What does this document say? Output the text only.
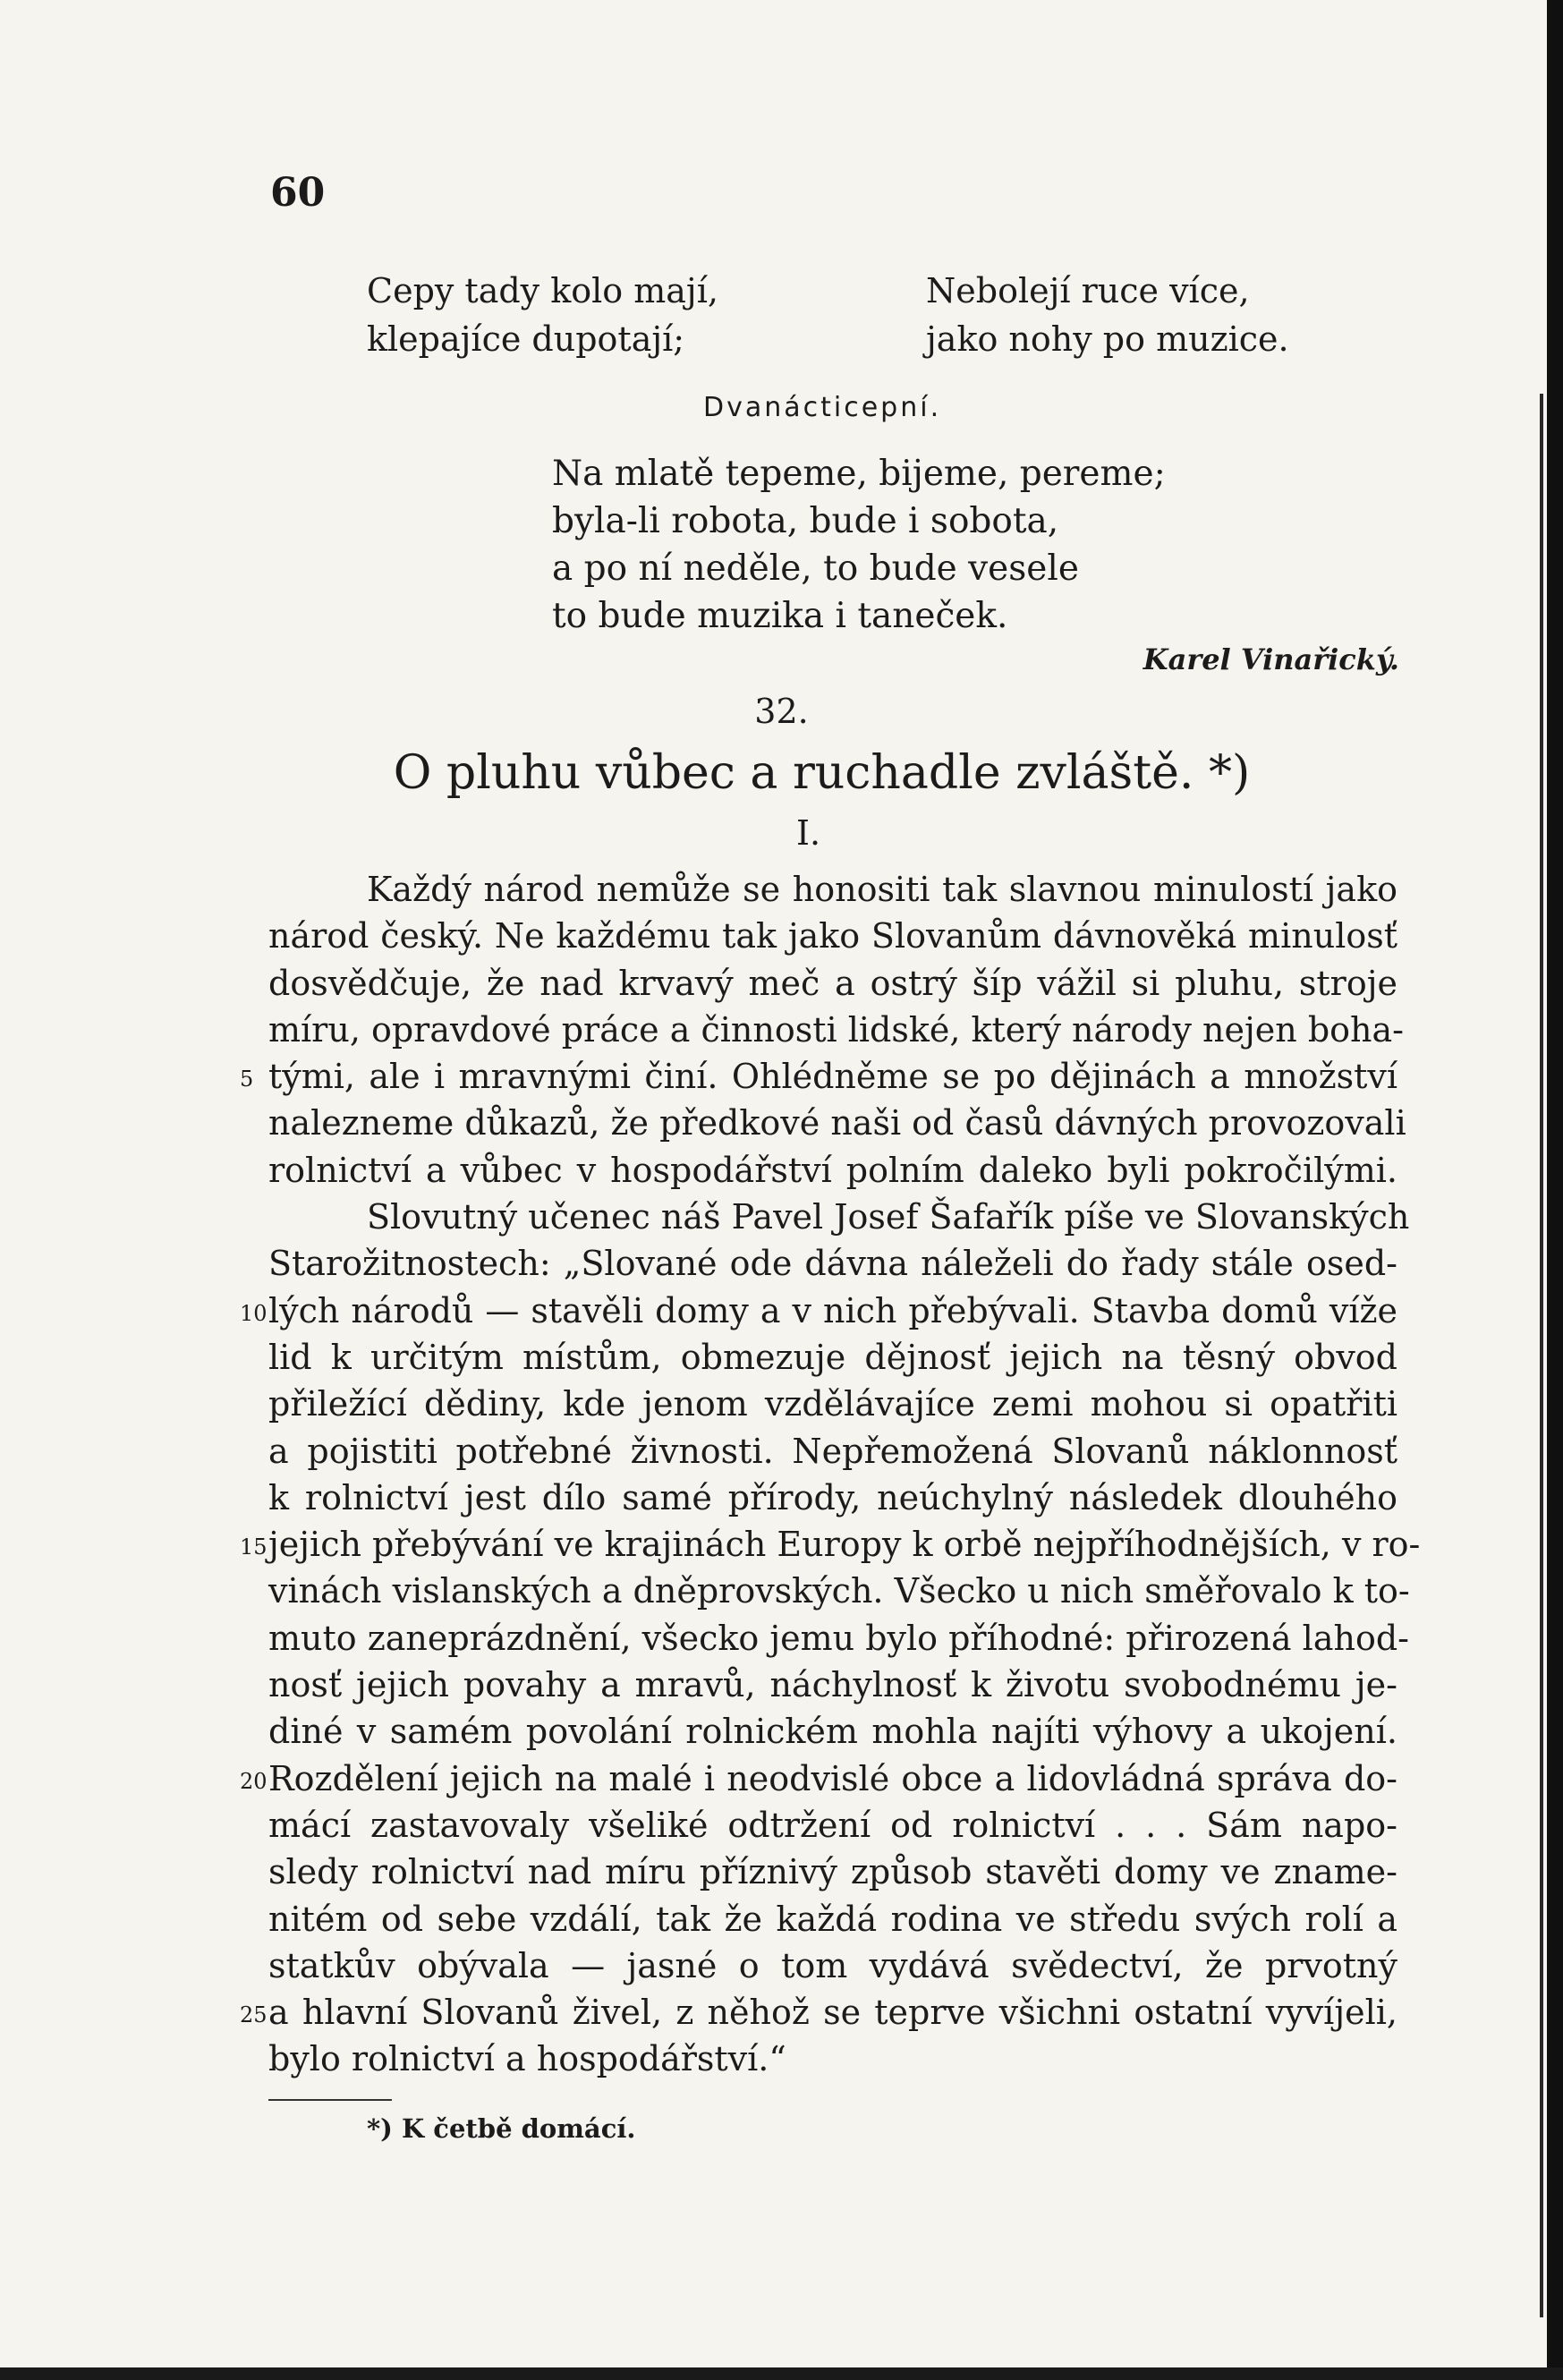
60
Cepy tady kolo mají,
klepajíce dupotají;
Nebolejí ruce více,
jako nohy po muzice.
Dvanácticepní.
Na mlatě tepeme, bijeme, pereme;
byla-li robota, bude i sobota,
a po ní neděle, to bude vesele
to bude muzika i taneček.
Karel Vinařický.
32.
O pluhu vůbec a ruchadle zvláště. *)
I.
Každý národ nemůže se honositi tak slavnou minulostí jako
národ český. Ne každému tak jako Slovanům dávnověká minulosť
dosvědčuje, že nad krvavý meč a ostrý šíp vážil si pluhu, stroje
míru, opravdové práce a činnosti lidské, který národy nejen boha-
5 tými, ale i mravnými činí. Ohlédněme se po dějinách a množství
nalezneme důkazů, že předkové naši od časů dávných provozovali
rolnictví a vůbec v hospodářství polním daleko byli pokročilými.
Slovutný učenec náš Pavel Josef Šafařík píše ve Slovanských
Starožitnostech: „Slované ode dávna náleželi do řady stále osed-
10 lých národů — stavěli domy a v nich přebývali. Stavba domů víže
lid k určitým místům, obmezuje dějnosť jejich na těsný obvod
přiležící dědiny, kde jenom vzdělávajíce zemi mohou si opatřiti
a pojistiti potřebné živnosti. Nepřemožená Slovanů náklonnosť
k rolnictví jest dílo samé přírody, neúchylný následek dlouhého
15 jejich přebývání ve krajinách Europy k orbě nejpříhodnějších, v ro-
vinách vislanských a dněprovských. Všecko u nich směřovalo k to-
muto zaneprázdnění, všecko jemu bylo příhodné: přirozená lahod-
nosť jejich povahy a mravů, náchylnosť k životu svobodnému je-
diné v samém povolání rolnickém mohla najíti výhovy a ukojení.
20 Rozdělení jejich na malé i neodvislé obce a lidovládná správa do-
mácí zastavovaly všeliké odtržení od rolnictví . . . Sám napo-
sledy rolnictví nad míru příznivý způsob stavěti domy ve zname-
nitém od sebe vzdálí, tak že každá rodina ve středu svých rolí a
statkův obývala — jasné o tom vydává svědectví, že prvotný
25 a hlavní Slovanů živel, z něhož se teprve všichni ostatní vyvíjeli,
bylo rolnictví a hospodářství.“
*) K četbě domácí.
